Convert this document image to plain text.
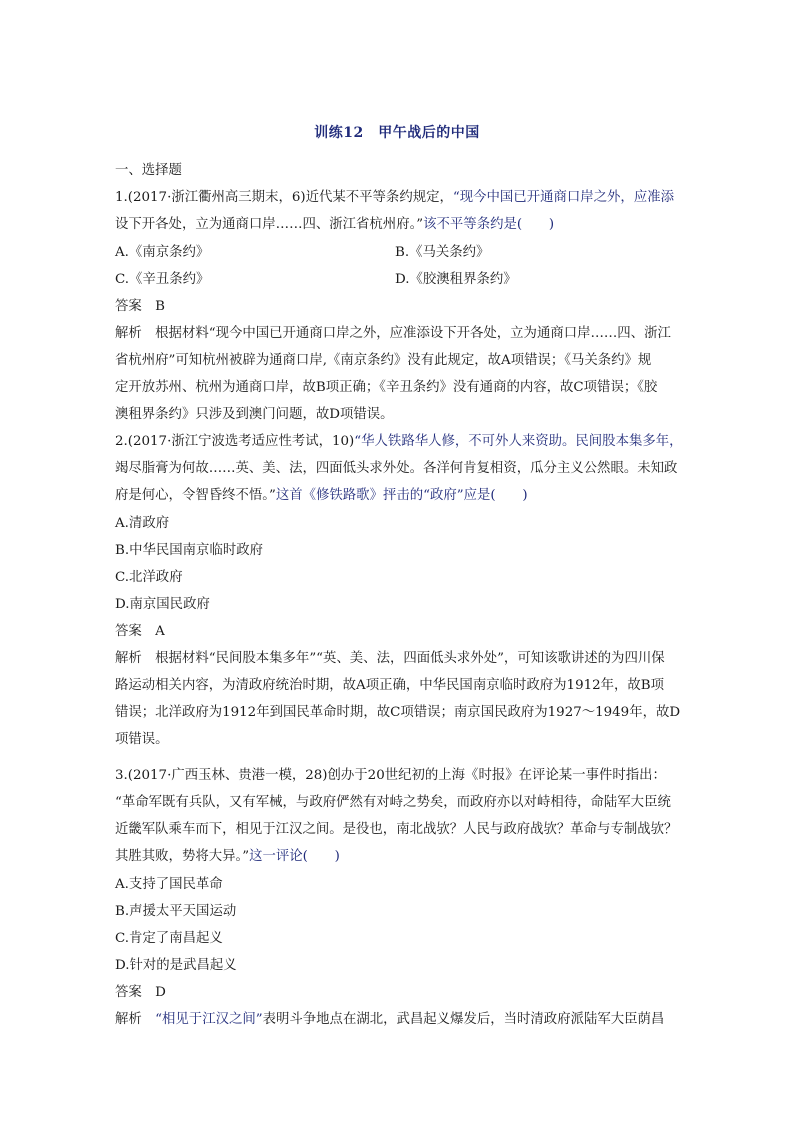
训练12　甲午战后的中国
一、选择题
1.(2017·浙江衢州高三期末，6)近代某不平等条约规定，“现今中国已开通商口岸之外，应准添
设下开各处，立为通商口岸……四、浙江省杭州府。”该不平等条约是(　　)
A.《南京条约》	B.《马关条约》
C.《辛丑条约》	D.《胶澳租界条约》
答案　B
解析　根据材料“现今中国已开通商口岸之外，应准添设下开各处，立为通商口岸……四、浙江
省杭州府”可知杭州被辟为通商口岸,《南京条约》没有此规定，故A项错误；《马关条约》规
定开放苏州、杭州为通商口岸，故B项正确；《辛丑条约》没有通商的内容，故C项错误；《胶
澳租界条约》只涉及到澳门问题，故D项错误。
2.(2017·浙江宁波选考适应性考试，10)“华人铁路华人修，不可外人来资助。民间股本集多年，
竭尽脂膏为何故……英、美、法，四面低头求外处。各洋何肯复相资，瓜分主义公然眼。未知政
府是何心，令智昏终不悟。”这首《修铁路歌》抨击的“政府”应是(　　)
A.清政府
B.中华民国南京临时政府
C.北洋政府
D.南京国民政府
答案　A
解析　根据材料“民间股本集多年”“英、美、法，四面低头求外处”，可知该歌讲述的为四川保
路运动相关内容，为清政府统治时期，故A项正确，中华民国南京临时政府为1912年，故B项
错误；北洋政府为1912年到国民革命时期，故C项错误；南京国民政府为1927～1949年，故D
项错误。
3.(2017·广西玉林、贵港一模，28)创办于20世纪初的上海《时报》在评论某一事件时指出：
“革命军既有兵队，又有军械，与政府俨然有对峙之势矣，而政府亦以对峙相待，命陆军大臣统
近畿军队乘车而下，相见于江汉之间。是役也，南北战欤？人民与政府战欤？革命与专制战欤？
其胜其败，势将大异。”这一评论(　　)
A.支持了国民革命
B.声援太平天国运动
C.肯定了南昌起义
D.针对的是武昌起义
答案　D
解析　“相见于江汉之间”表明斗争地点在湖北，武昌起义爆发后，当时清政府派陆军大臣荫昌
